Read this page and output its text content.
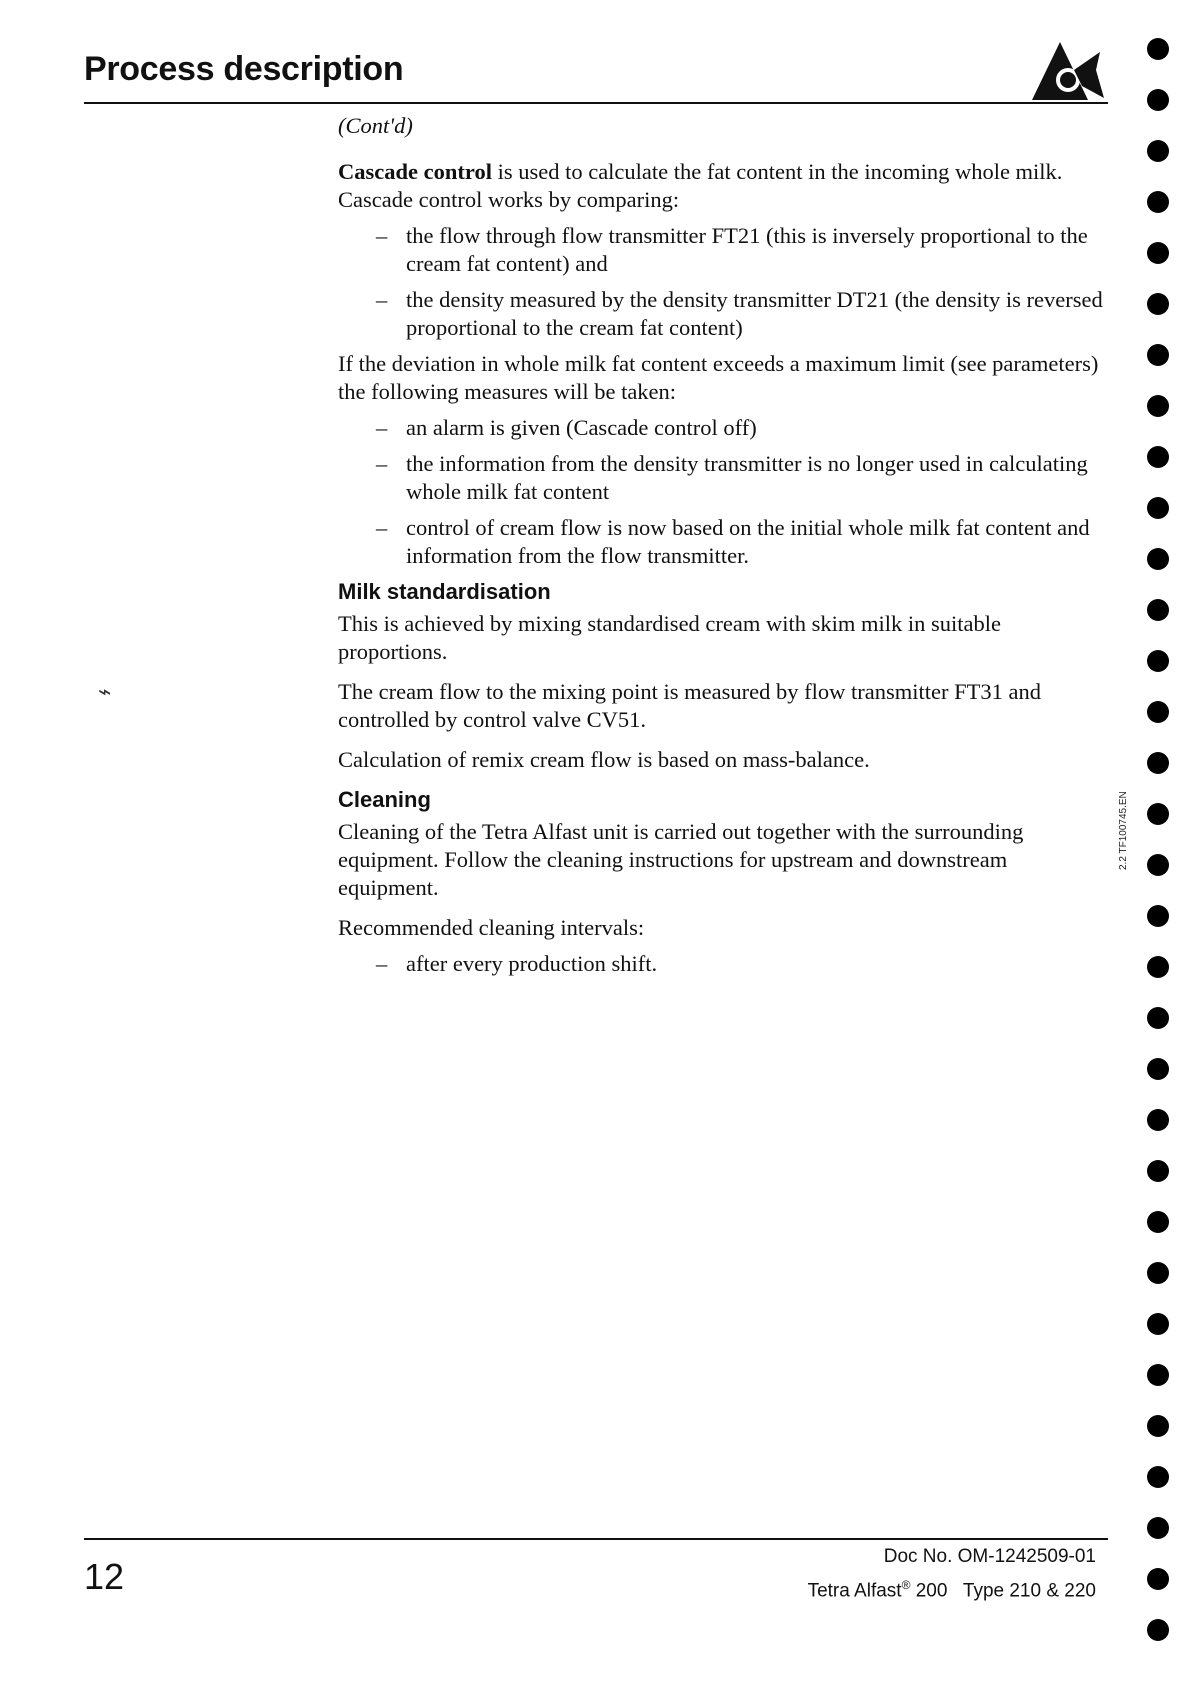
Process description

(Cont'd)

Cascade control is used to calculate the fat content in the incoming whole milk. Cascade control works by comparing:

– the flow through flow transmitter FT21 (this is inversely proportional to the cream fat content) and
– the density measured by the density transmitter DT21 (the density is reversed proportional to the cream fat content)

If the deviation in whole milk fat content exceeds a maximum limit (see parameters) the following measures will be taken:

– an alarm is given (Cascade control off)
– the information from the density transmitter is no longer used in calculating whole milk fat content
– control of cream flow is now based on the initial whole milk fat content and information from the flow transmitter.
Milk standardisation

This is achieved by mixing standardised cream with skim milk in suitable proportions.

The cream flow to the mixing point is measured by flow transmitter FT31 and controlled by control valve CV51.

Calculation of remix cream flow is based on mass-balance.

Cleaning

Cleaning of the Tetra Alfast unit is carried out together with the surrounding equipment. Follow the cleaning instructions for upstream and downstream equipment.

Recommended cleaning intervals:

– after every production shift.
⌁
2.2 TF100745.EN
12	Doc No. OM-1242509-01
Tetra Alfast® 200   Type 210 & 220
